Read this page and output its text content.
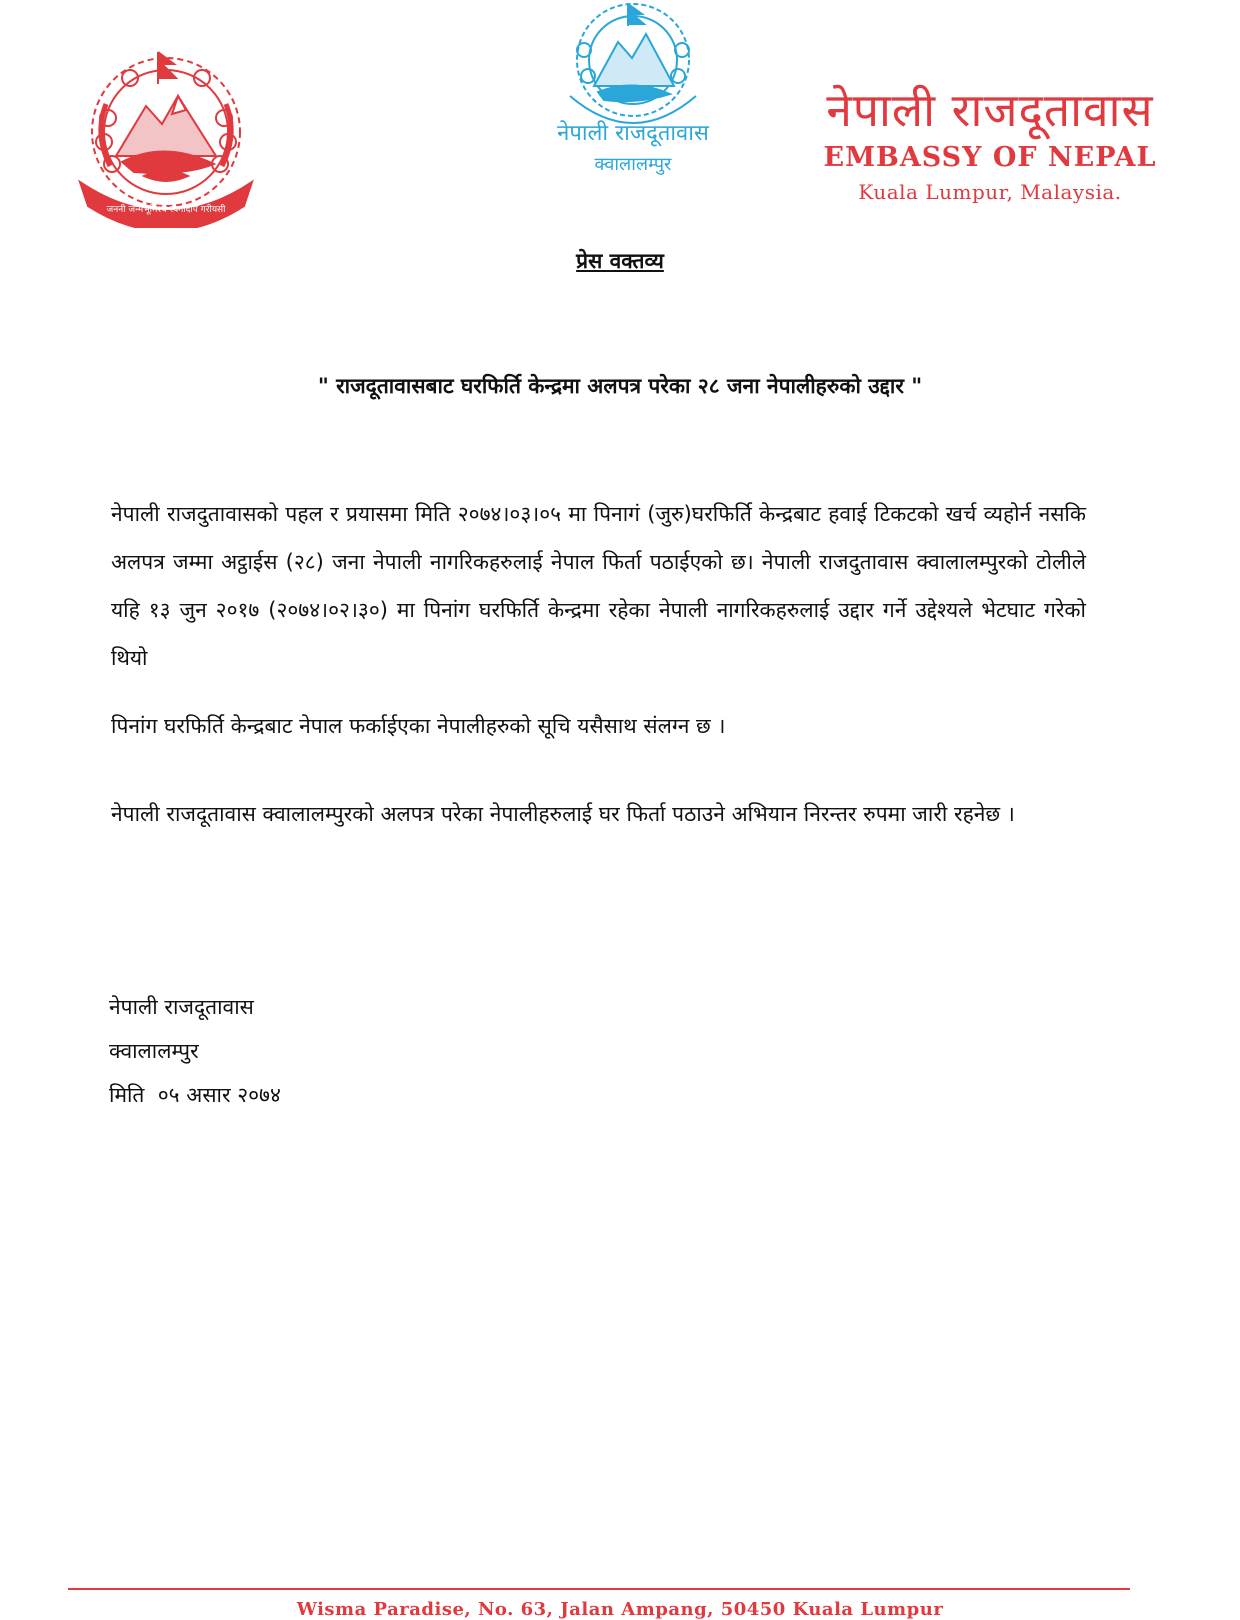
जननी जन्मभूमिश्च स्वर्गादपि गरीयसी
नेपाली राजदूतावास
क्वालालम्पुर
नेपाली राजदूतावास
EMBASSY OF NEPAL
Kuala Lumpur, Malaysia.
प्रेस वक्तव्य
" राजदूतावासबाट घरफिर्ति केन्द्रमा अलपत्र परेका २८ जना नेपालीहरुको उद्दार "
नेपाली राजदुतावासको पहल र प्रयासमा मिति २०७४।०३।०५ मा पिनागं (जुरु)घरफिर्ति केन्द्रबाट हवाई टिकटको खर्च व्यहोर्न नसकि अलपत्र जम्मा अट्ठाईस (२८) जना नेपाली नागरिकहरुलाई नेपाल फिर्ता पठाईएको छ। नेपाली राजदुतावास क्वालालम्पुरको टोलीले यहि १३ जुन २०१७ (२०७४।०२।३०) मा पिनांग घरफिर्ति केन्द्रमा रहेका नेपाली नागरिकहरुलाई उद्दार गर्ने उद्देश्यले भेटघाट गरेको थियो
पिनांग घरफिर्ति केन्द्रबाट नेपाल फर्काईएका नेपालीहरुको सूचि यसैसाथ संलग्न छ ।
नेपाली राजदूतावास क्वालालम्पुरको अलपत्र परेका नेपालीहरुलाई घर फिर्ता पठाउने अभियान निरन्तर रुपमा जारी रहनेछ ।
नेपाली राजदूतावास
क्वालालम्पुर
मिति  ०५ असार २०७४
Wisma Paradise, No. 63, Jalan Ampang, 50450 Kuala Lumpur
